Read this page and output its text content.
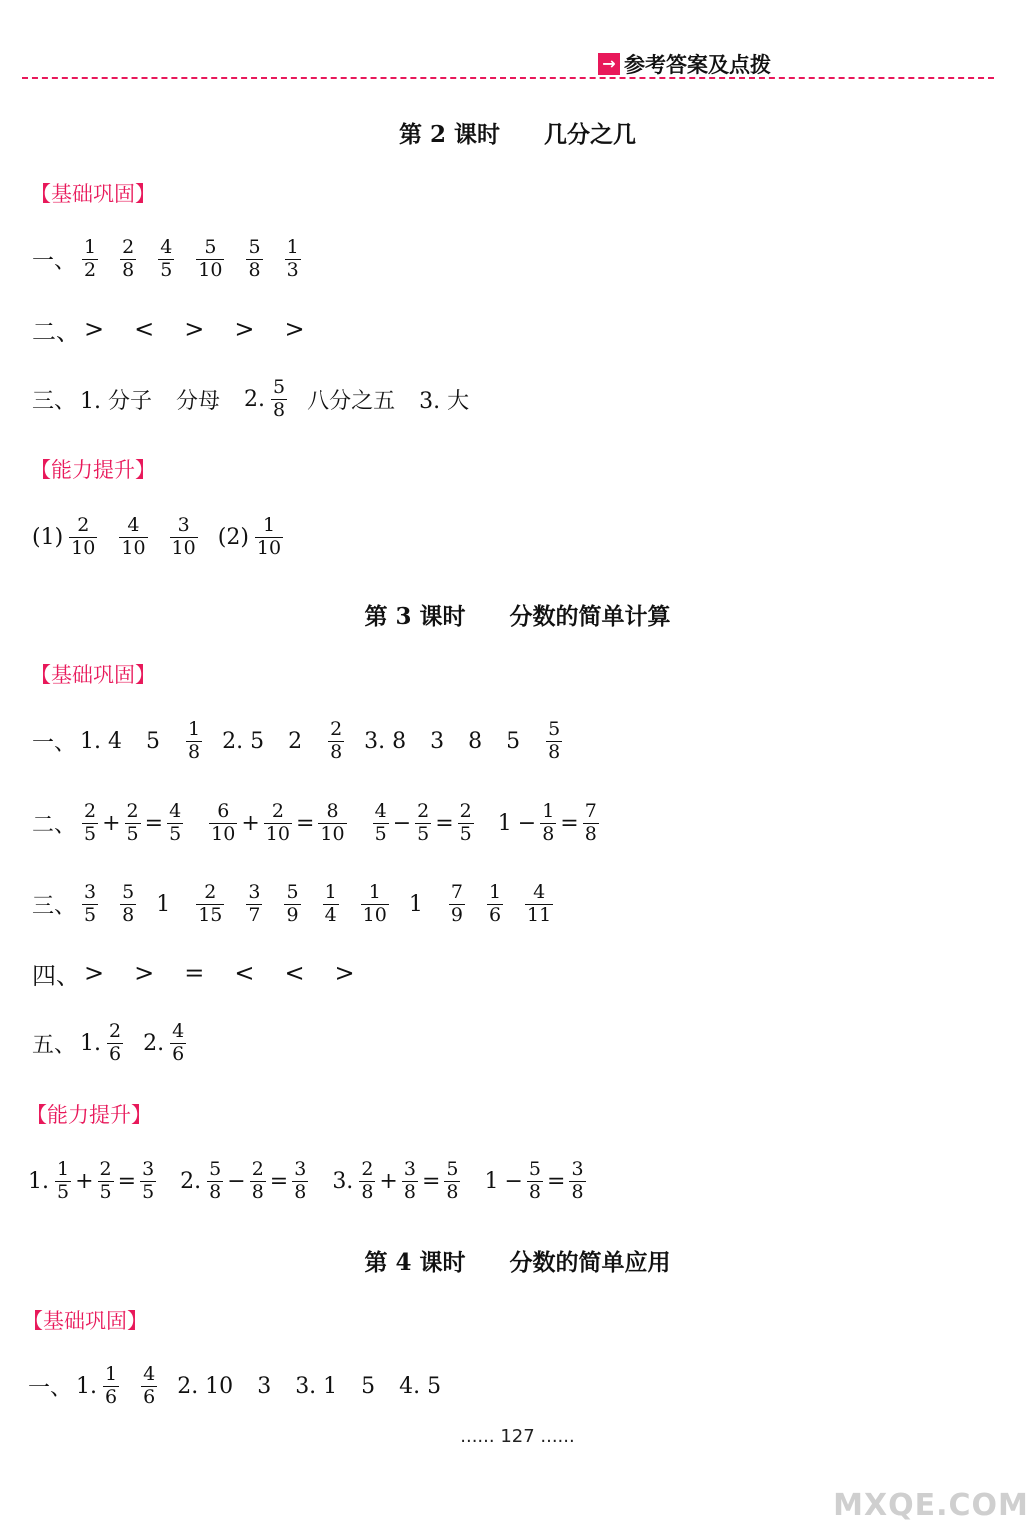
→ 参考答案及点拨
第 2 课时 几分之几
【基础巩固】
一、 $\frac{1}{2} \frac{2}{8} \frac{4}{5} \frac{5}{10} \frac{5}{8} \frac{1}{3}$
二、 > < > > >
三、 1. 分子 分母 2. $\frac{5}{8}$ 八分之五 3. 大
【能力提升】
$(1) \frac{2}{10} \frac{4}{10} \frac{3}{10} (2) \frac{1}{10}$
第 3 课时 分数的简单计算
【基础巩固】
一、 1. 4 $5 \frac{1}{8} 2$. 5 $2 \frac{2}{8} 3$. 8 3 8 $5 \frac{5}{8}$
二、 $\frac{2}{5} + \frac{2}{5} = \frac{4}{5} \frac{6}{10} + \frac{2}{10} = \frac{8}{10} \frac{4}{5} - \frac{2}{5} = \frac{2}{5} 1 - \frac{1}{8} = \frac{7}{8}$
三、 $\frac{3}{5} \frac{5}{8} 1 \frac{2}{15} \frac{3}{7} \frac{5}{9} \frac{1}{4} \frac{1}{10} 1 \frac{7}{9} \frac{1}{6} \frac{4}{11}$
四、 > > = < < >
五、 1. $\frac{2}{6} 2$. $\frac{4}{6}$
【能力提升】
1. $\frac{1}{5} + \frac{2}{5} = \frac{3}{5} 2$. $\frac{5}{8} - \frac{2}{8} = \frac{3}{8} 3$. $\frac{2}{8} + \frac{3}{8} = \frac{5}{8} 1 - \frac{5}{8} = \frac{3}{8}$
第 4 课时 分数的简单应用
【基础巩固】
一、 1. $\frac{1}{6} \frac{4}{6} 2$. 10 3 3. 1 5 4. 5
...... 127 ......
MXQE.COM
